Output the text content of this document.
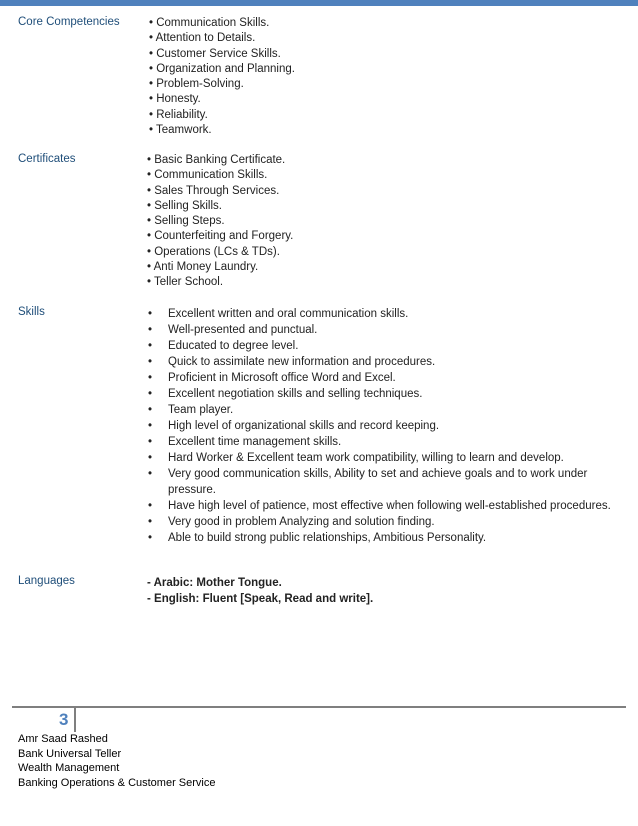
Core Competencies	• Communication Skills.
• Attention to Details.
• Customer Service Skills.
• Organization and Planning.
• Problem-Solving.
• Honesty.
• Reliability.
• Teamwork.
Certificates	• Basic Banking Certificate.
• Communication Skills.
• Sales Through Services.
• Selling Skills.
• Selling Steps.
• Counterfeiting and Forgery.
• Operations (LCs & TDs).
• Anti Money Laundry.
• Teller School.
Skills	• Excellent written and oral communication skills.
• Well-presented and punctual.
• Educated to degree level.
• Quick to assimilate new information and procedures.
• Proficient in Microsoft office Word and Excel.
• Excellent negotiation skills and selling techniques.
• Team player.
• High level of organizational skills and record keeping.
• Excellent time management skills.
• Hard Worker & Excellent team work compatibility, willing to learn and develop.
• Very good communication skills, Ability to set and achieve goals and to work under pressure.
• Have high level of patience, most effective when following well-established procedures.
• Very good in problem Analyzing and solution finding.
• Able to build strong public relationships, Ambitious Personality.
Languages	- Arabic: Mother Tongue.
- English: Fluent [Speak, Read and write].
3
Amr Saad Rashed
Bank Universal Teller
Wealth Management
Banking Operations & Customer Service
